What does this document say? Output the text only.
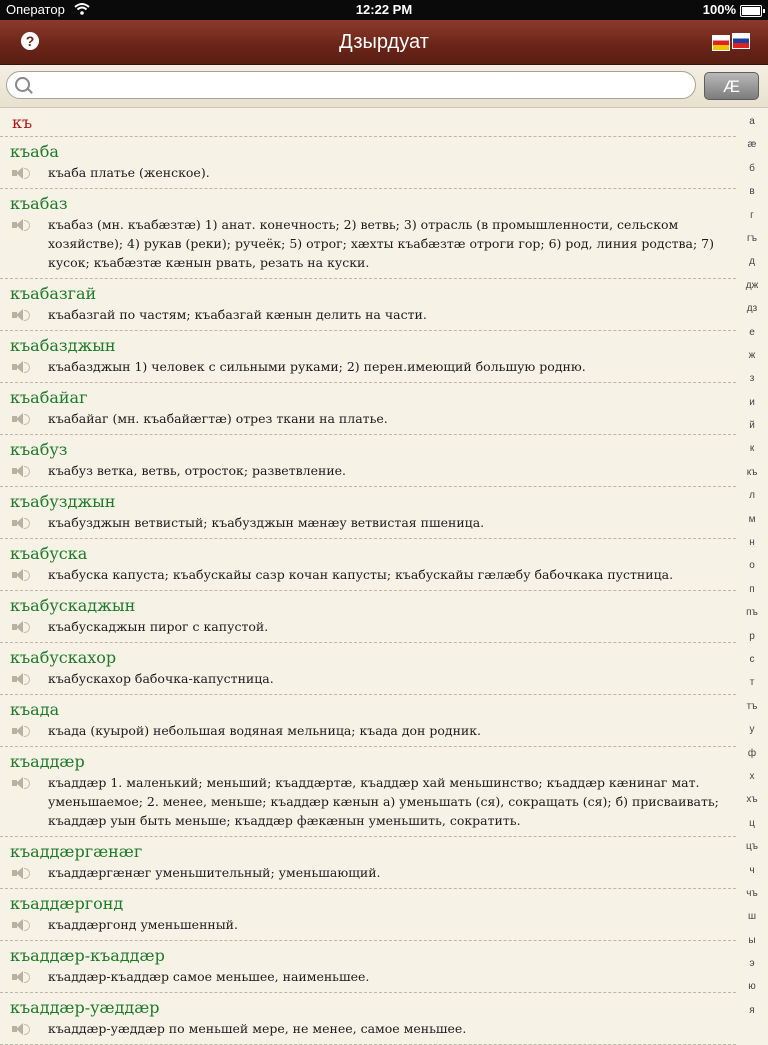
Оператор	12:22 PM	100%
?	Дзырдуат
Æ
къ
къаба
къаба платье (женское).
къабаз
къабаз (мн. къабæзтæ) 1) анат. конечность; 2) ветвь; 3) отрасль (в промышленности, сельском хозяйстве); 4) рукав (реки); ручеёк; 5) отрог; хæхты къабæзтæ отроги гор; 6) род, линия родства; 7) кусок; къабæзтæ кæнын рвать, резать на куски.
къабазгай
къабазгай по частям; къабазгай кæнын делить на части.
къабазджын
къабазджын 1) человек с сильными руками; 2) перен.имеющий большую родню.
къабайаг
къабайаг (мн. къабайæгтæ) отрез ткани на платье.
къабуз
къабуз ветка, ветвь, отросток; разветвление.
къабузджын
къабузджын ветвистый; къабузджын мæнæу ветвистая пшеница.
къабуска
къабуска капуста; къабускайы сазр кочан капусты; къабускайы гæлæбу бабочкака пустница.
къабускаджын
къабускаджын пирог с капустой.
къабускахор
къабускахор бабочка-капустница.
къада
къада (куырой) небольшая водяная мельница; къада дон родник.
къаддæр
къаддæр 1. маленький; меньший; къаддæртæ, къаддæр хай меньшинство; къаддæр кæнинаг мат. уменьшаемое; 2. менее, меньше; къаддæр кæнын а) уменьшать (ся), сокращать (ся); б) присваивать; къаддæр уын быть меньше; къаддæр фæкæнын уменьшить, сократить.
къаддæргæнæг
къаддæргæнæг уменьшительный; уменьшающий.
къаддæргонд
къаддæргонд уменьшенный.
къаддæр-къаддæр
къаддæр-къаддæр самое меньшее, наименьшее.
къаддæр-уæддæр
къаддæр-уæддæр по меньшей мере, не менее, самое меньшее.
а
æ
б
в
г
гъ
д
дж
дз
е
ж
з
и
й
к
къ
л
м
н
о
п
пъ
р
с
т
тъ
у
ф
х
хъ
ц
цъ
ч
чъ
ш
ы
э
ю
я
